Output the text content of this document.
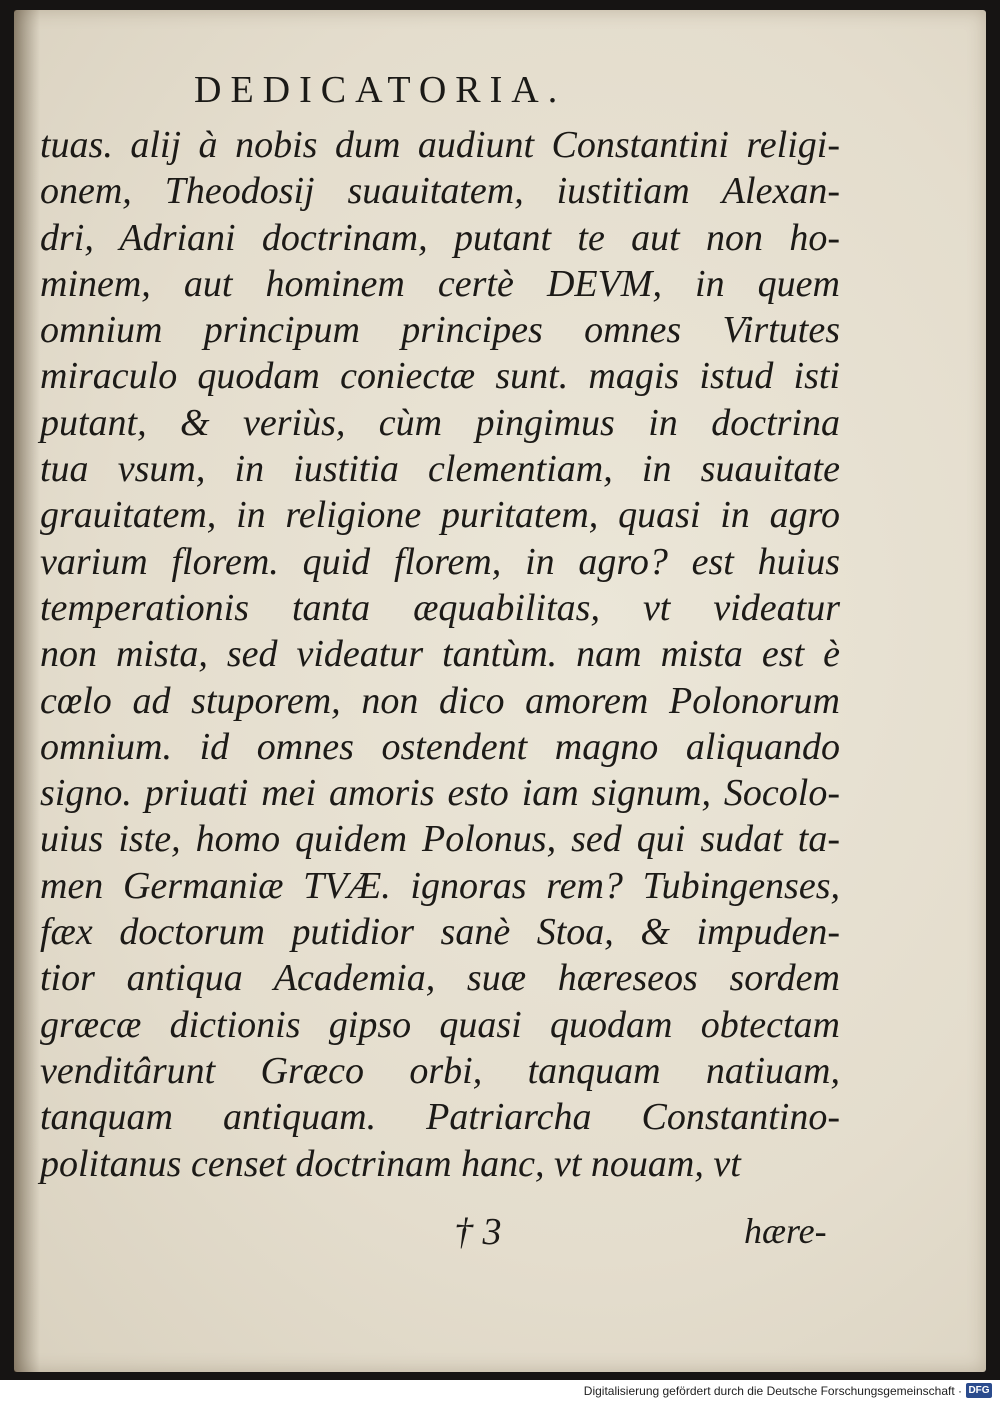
DEDICATORIA.
tuas. alij à nobis dum audiunt Constantini religi-
onem, Theodosij suauitatem, iustitiam Alexan-
dri, Adriani doctrinam, putant te aut non ho-
minem, aut hominem certè DEVM, in quem
omnium principum principes omnes Virtutes
miraculo quodam coniectæ sunt. magis istud isti
putant, & veriùs, cùm pingimus in doctrina
tua vsum, in iustitia clementiam, in suauitate
grauitatem, in religione puritatem, quasi in agro
varium florem. quid florem, in agro? est huius
temperationis tanta æquabilitas, vt videatur
non mista, sed videatur tantùm. nam mista est è
cœlo ad stuporem, non dico amorem Polonorum
omnium. id omnes ostendent magno aliquando
signo. priuati mei amoris esto iam signum, Socolo-
uius iste, homo quidem Polonus, sed qui sudat ta-
men Germaniæ TVÆ. ignoras rem? Tubingenses,
fæx doctorum putidior sanè Stoa, & impuden-
tior antiqua Academia, suæ hæreseos sordem
græcæ dictionis gipso quasi quodam obtectam
venditârunt Græco orbi, tanquam natiuam,
tanquam antiquam. Patriarcha Constantino-
politanus censet doctrinam hanc, vt nouam, vt
† 3	hære-
Digitalisierung gefördert durch die Deutsche Forschungsgemeinschaft · DFG
